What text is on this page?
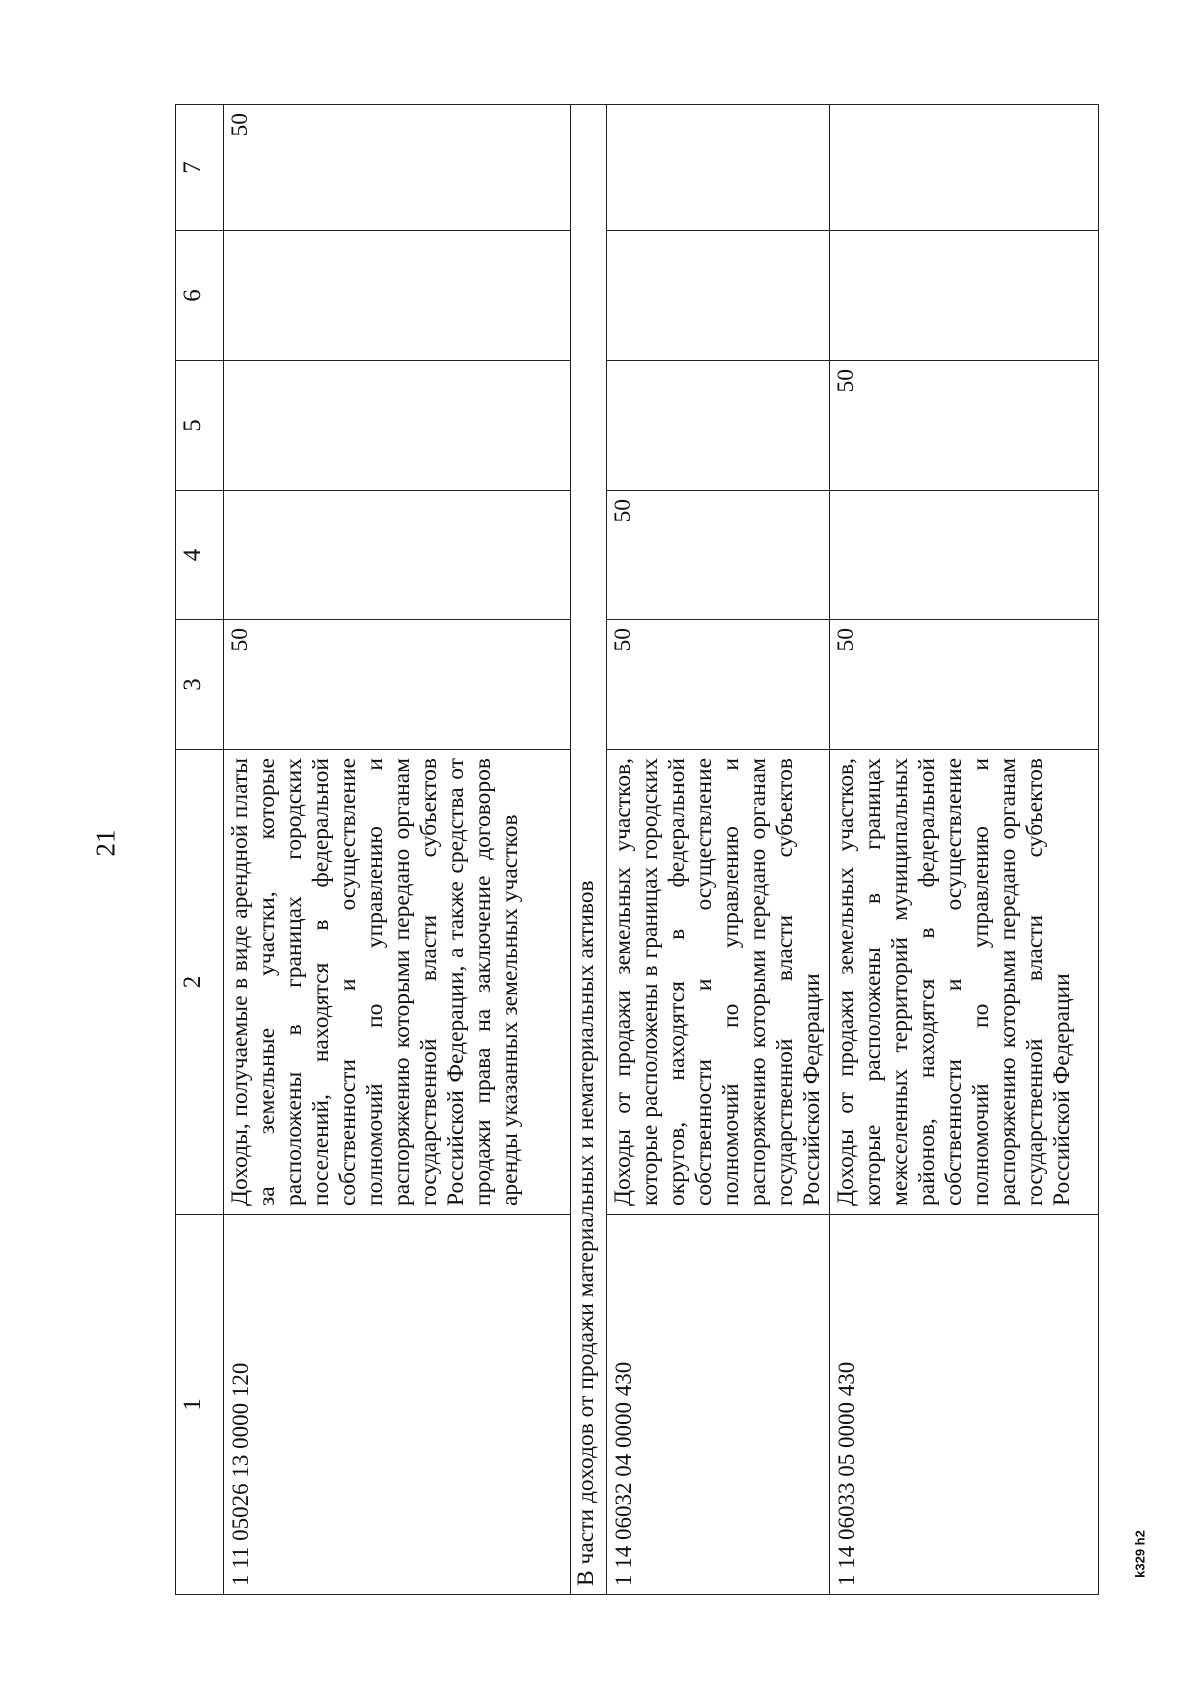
21
1	2	3	4	5	6	7
1 11 05026 13 0000 120	Доходы, получаемые в виде арендной платы за земельные участки, которые расположены в границах городских поселений, находятся в федеральной собственности и осуществление полномочий по управлению и распоряжению которыми передано органам государственной власти субъектов Российской Федерации, а также средства от продажи права на заключение договоров аренды указанных земельных участков	50				50
В части доходов от продажи материальных и нематериальных активов						
1 14 06032 04 0000 430	Доходы от продажи земельных участков, которые расположены в границах городских округов, находятся в федеральной собственности и осуществление полномочий по управлению и распоряжению которыми передано органам государственной власти субъектов Российской Федерации	50	50			
1 14 06033 05 0000 430	Доходы от продажи земельных участков, которые расположены в границах межселенных территорий муниципальных районов, находятся в федеральной собственности и осуществление полномочий по управлению и распоряжению которыми передано органам государственной власти субъектов Российской Федерации	50		50		
k329 h2
